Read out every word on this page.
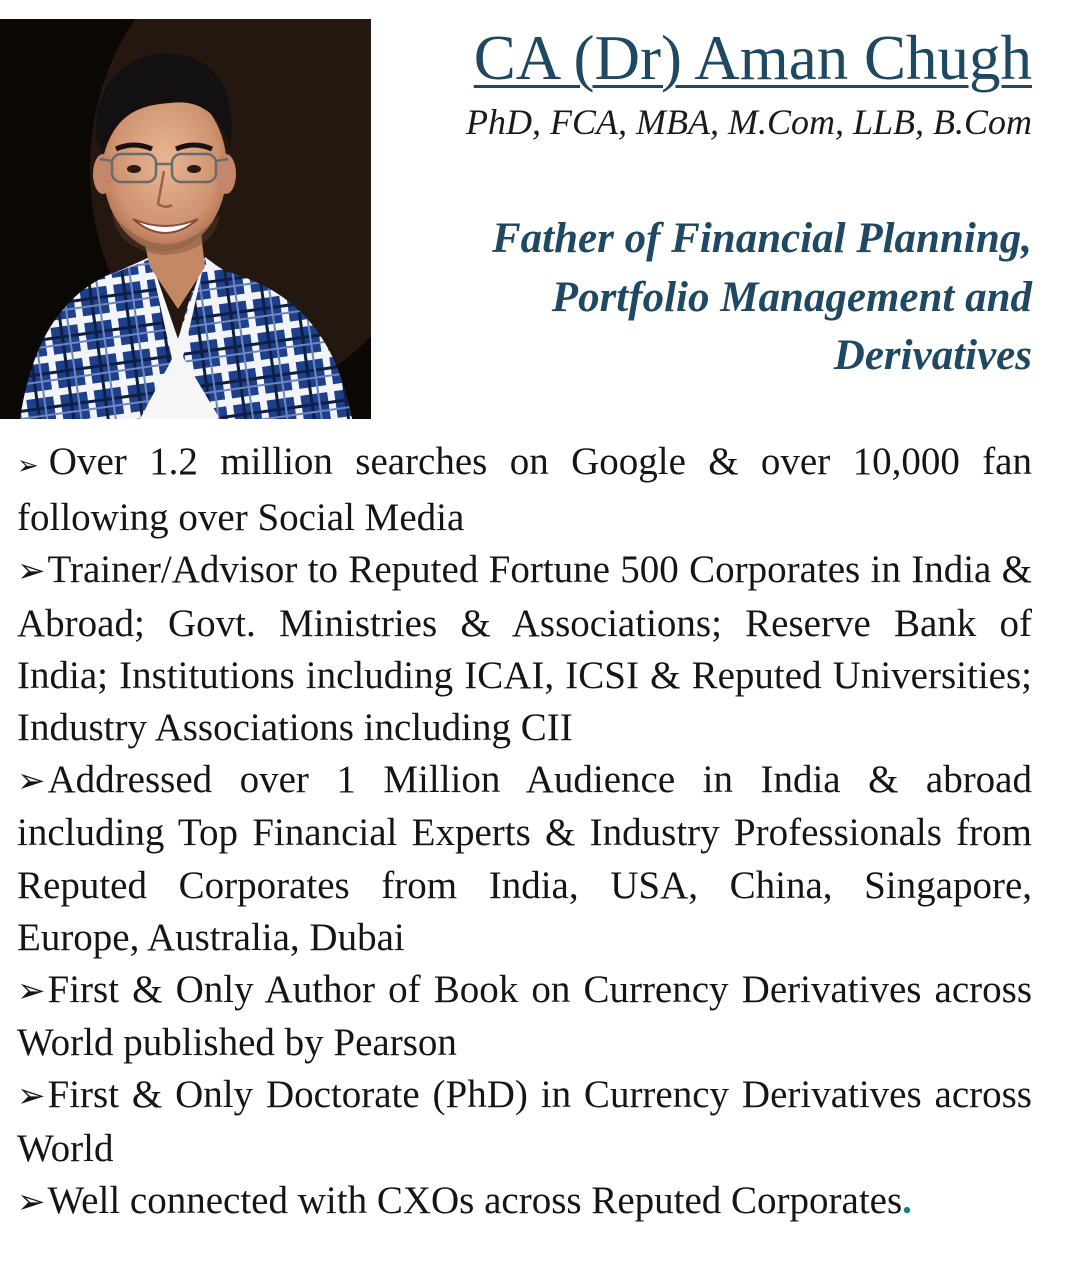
CA (Dr) Aman Chugh

PhD, FCA, MBA, M.Com, LLB, B.Com

Father of Financial Planning,
Portfolio Management and
Derivatives
➢ Over 1.2 million searches on Google & over 10,000 fan following over Social Media
➢Trainer/Advisor to Reputed Fortune 500 Corporates in India & Abroad; Govt. Ministries & Associations; Reserve Bank of India; Institutions including ICAI, ICSI & Reputed Universities; Industry Associations including CII
➢Addressed over 1 Million Audience in India & abroad including Top Financial Experts & Industry Professionals from Reputed Corporates from India, USA, China, Singapore, Europe, Australia, Dubai
➢First & Only Author of Book on Currency Derivatives across World published by Pearson
➢First & Only Doctorate (PhD) in Currency Derivatives across World
➢Well connected with CXOs across Reputed Corporates.
